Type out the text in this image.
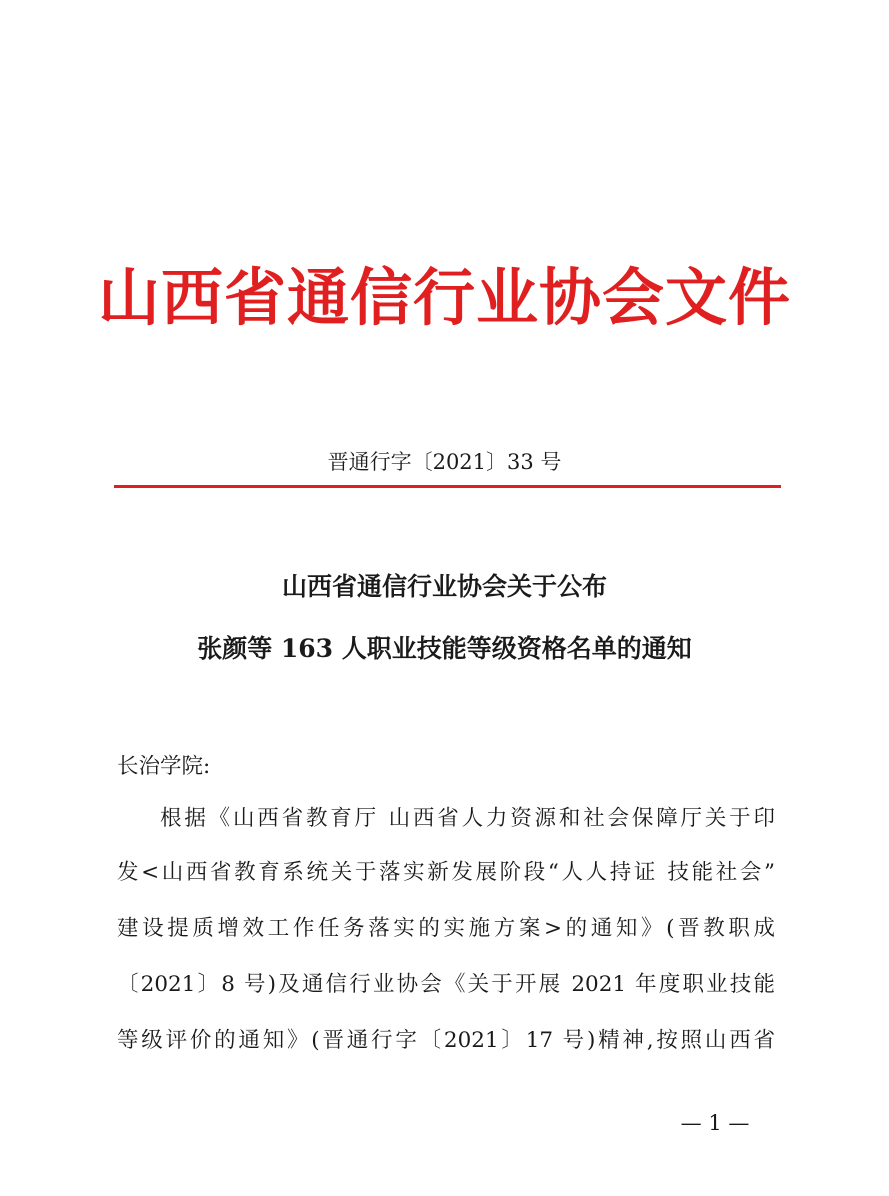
山西省通信行业协会文件
晋通行字〔2021〕33 号
山西省通信行业协会关于公布
张颜等 163 人职业技能等级资格名单的通知
长治学院:
根据《山西省教育厅 山西省人力资源和社会保障厅关于印
发<山西省教育系统关于落实新发展阶段“人人持证 技能社会”
建设提质增效工作任务落实的实施方案>的通知》(晋教职成
〔2021〕8 号)及通信行业协会《关于开展 2021 年度职业技能
等级评价的通知》(晋通行字〔2021〕17 号)精神,按照山西省
— 1 —
